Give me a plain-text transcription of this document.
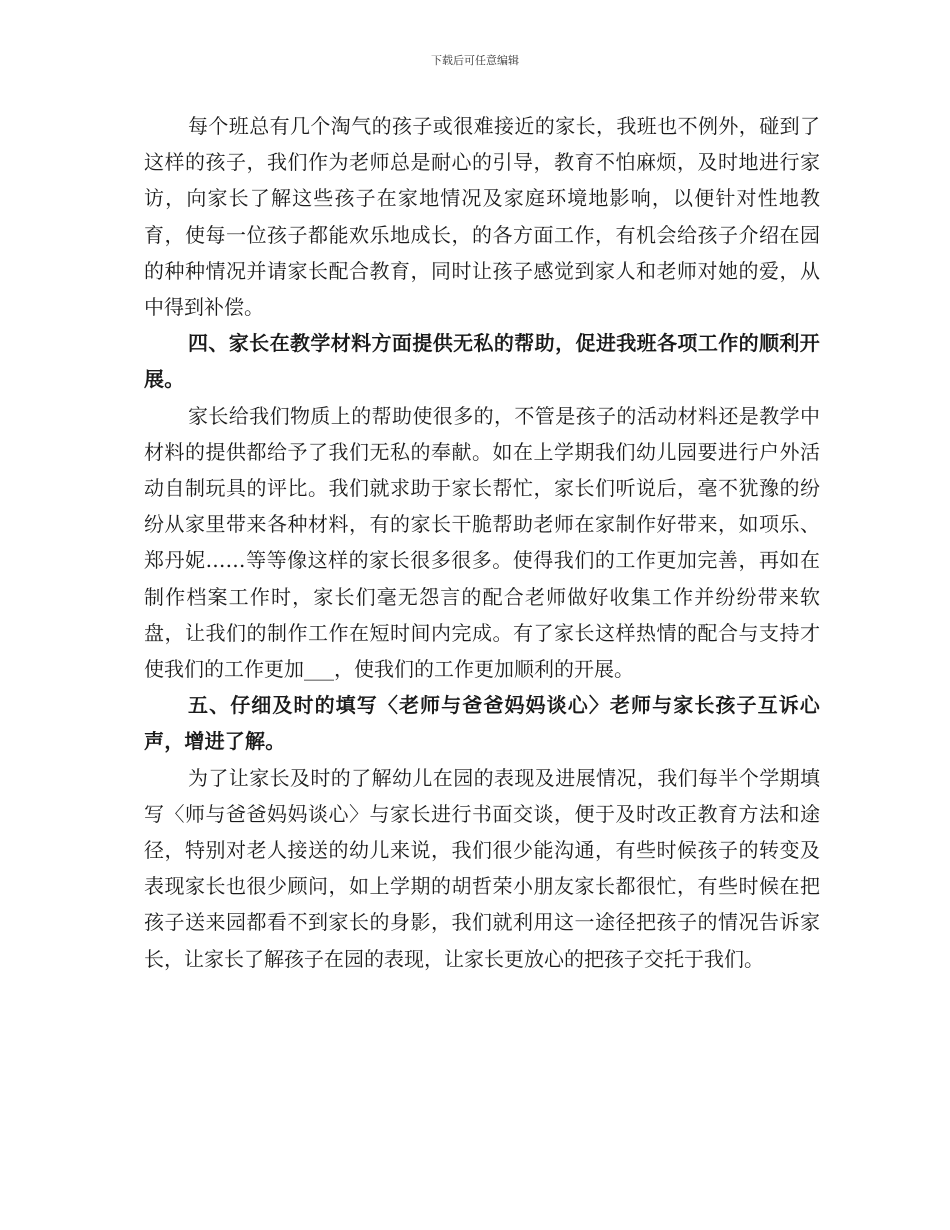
下载后可任意编辑

每个班总有几个淘气的孩子或很难接近的家长，我班也不例外，碰到了这样的孩子，我们作为老师总是耐心的引导，教育不怕麻烦，及时地进行家访，向家长了解这些孩子在家地情况及家庭环境地影响，以便针对性地教育，使每一位孩子都能欢乐地成长，的各方面工作，有机会给孩子介绍在园的种种情况并请家长配合教育，同时让孩子感觉到家人和老师对她的爱，从中得到补偿。

四、家长在教学材料方面提供无私的帮助，促进我班各项工作的顺利开展。

家长给我们物质上的帮助使很多的，不管是孩子的活动材料还是教学中材料的提供都给予了我们无私的奉献。如在上学期我们幼儿园要进行户外活动自制玩具的评比。我们就求助于家长帮忙，家长们听说后，毫不犹豫的纷纷从家里带来各种材料，有的家长干脆帮助老师在家制作好带来，如项乐、郑丹妮……等等像这样的家长很多很多。使得我们的工作更加完善，再如在制作档案工作时，家长们毫无怨言的配合老师做好收集工作并纷纷带来软盘，让我们的制作工作在短时间内完成。有了家长这样热情的配合与支持才使我们的工作更加___，使我们的工作更加顺利的开展。

五、仔细及时的填写〈老师与爸爸妈妈谈心〉老师与家长孩子互诉心声，增进了解。

为了让家长及时的了解幼儿在园的表现及进展情况，我们每半个学期填写〈师与爸爸妈妈谈心〉与家长进行书面交谈，便于及时改正教育方法和途径，特别对老人接送的幼儿来说，我们很少能沟通，有些时候孩子的转变及表现家长也很少顾问，如上学期的胡哲荣小朋友家长都很忙，有些时候在把孩子送来园都看不到家长的身影，我们就利用这一途径把孩子的情况告诉家长，让家长了解孩子在园的表现，让家长更放心的把孩子交托于我们。
